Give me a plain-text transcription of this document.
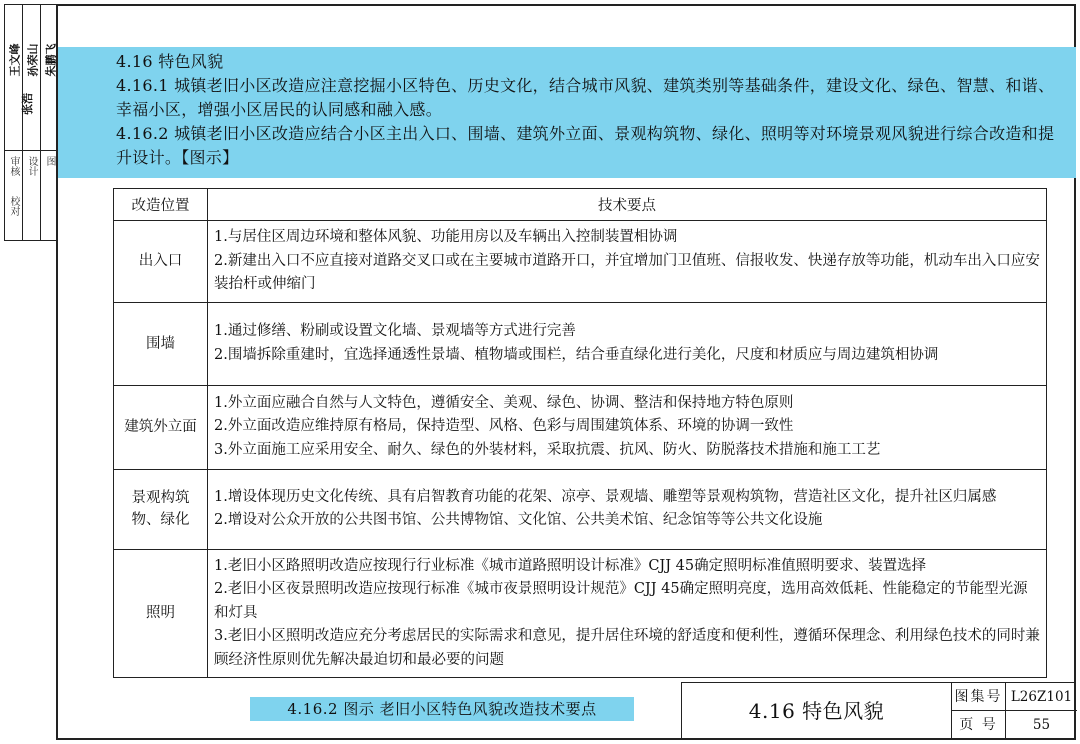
王文峰 孙荣山 朱鹏飞
张浩
审核
校对
设计 图

4.16 特色风貌

4.16.1 城镇老旧小区改造应注意挖掘小区特色、历史文化，结合城市风貌、建筑类别等基础条件，建设文化、绿色、智慧、和谐、幸福小区，增强小区居民的认同感和融入感。

4.16.2 城镇老旧小区改造应结合小区主出入口、围墙、建筑外立面、景观构筑物、绿化、照明等对环境景观风貌进行综合改造和提升设计。【图示】

改造位置	技术要点
出入口	1.与居住区周边环境和整体风貌、功能用房以及车辆出入控制装置相协调

2.新建出入口不应直接对道路交叉口或在主要城市道路开口，并宜增加门卫值班、信报收发、快递存放等功能，机动车出入口应安装抬杆或伸缩门

围墙	1.通过修缮、粉刷或设置文化墙、景观墙等方式进行完善

2.围墙拆除重建时，宜选择通透性景墙、植物墙或围栏，结合垂直绿化进行美化，尺度和材质应与周边建筑相协调

建筑外立面	1.外立面应融合自然与人文特色，遵循安全、美观、绿色、协调、整洁和保持地方特色原则

2.外立面改造应维持原有格局，保持造型、风格、色彩与周围建筑体系、环境的协调一致性

3.外立面施工应采用安全、耐久、绿色的外装材料，采取抗震、抗风、防火、防脱落技术措施和施工工艺

景观构筑物、绿化	1.增设体现历史文化传统、具有启智教育功能的花架、凉亭、景观墙、雕塑等景观构筑物，营造社区文化，提升社区归属感

2.增设对公众开放的公共图书馆、公共博物馆、文化馆、公共美术馆、纪念馆等等公共文化设施

照明	1.老旧小区路照明改造应按现行行业标准《城市道路照明设计标准》CJJ 45确定照明标准值照明要求、装置选择

2.老旧小区夜景照明改造应按现行标准《城市夜景照明设计规范》CJJ 45确定照明亮度，选用高效低耗、性能稳定的节能型光源和灯具

3.老旧小区照明改造应充分考虑居民的实际需求和意见，提升居住环境的舒适度和便利性，遵循环保理念、利用绿色技术的同时兼顾经济性原则优先解决最迫切和最必要的问题

4.16.2 图示 老旧小区特色风貌改造技术要点	4.16 特色风貌
图集号 L26Z101
页 号	55
